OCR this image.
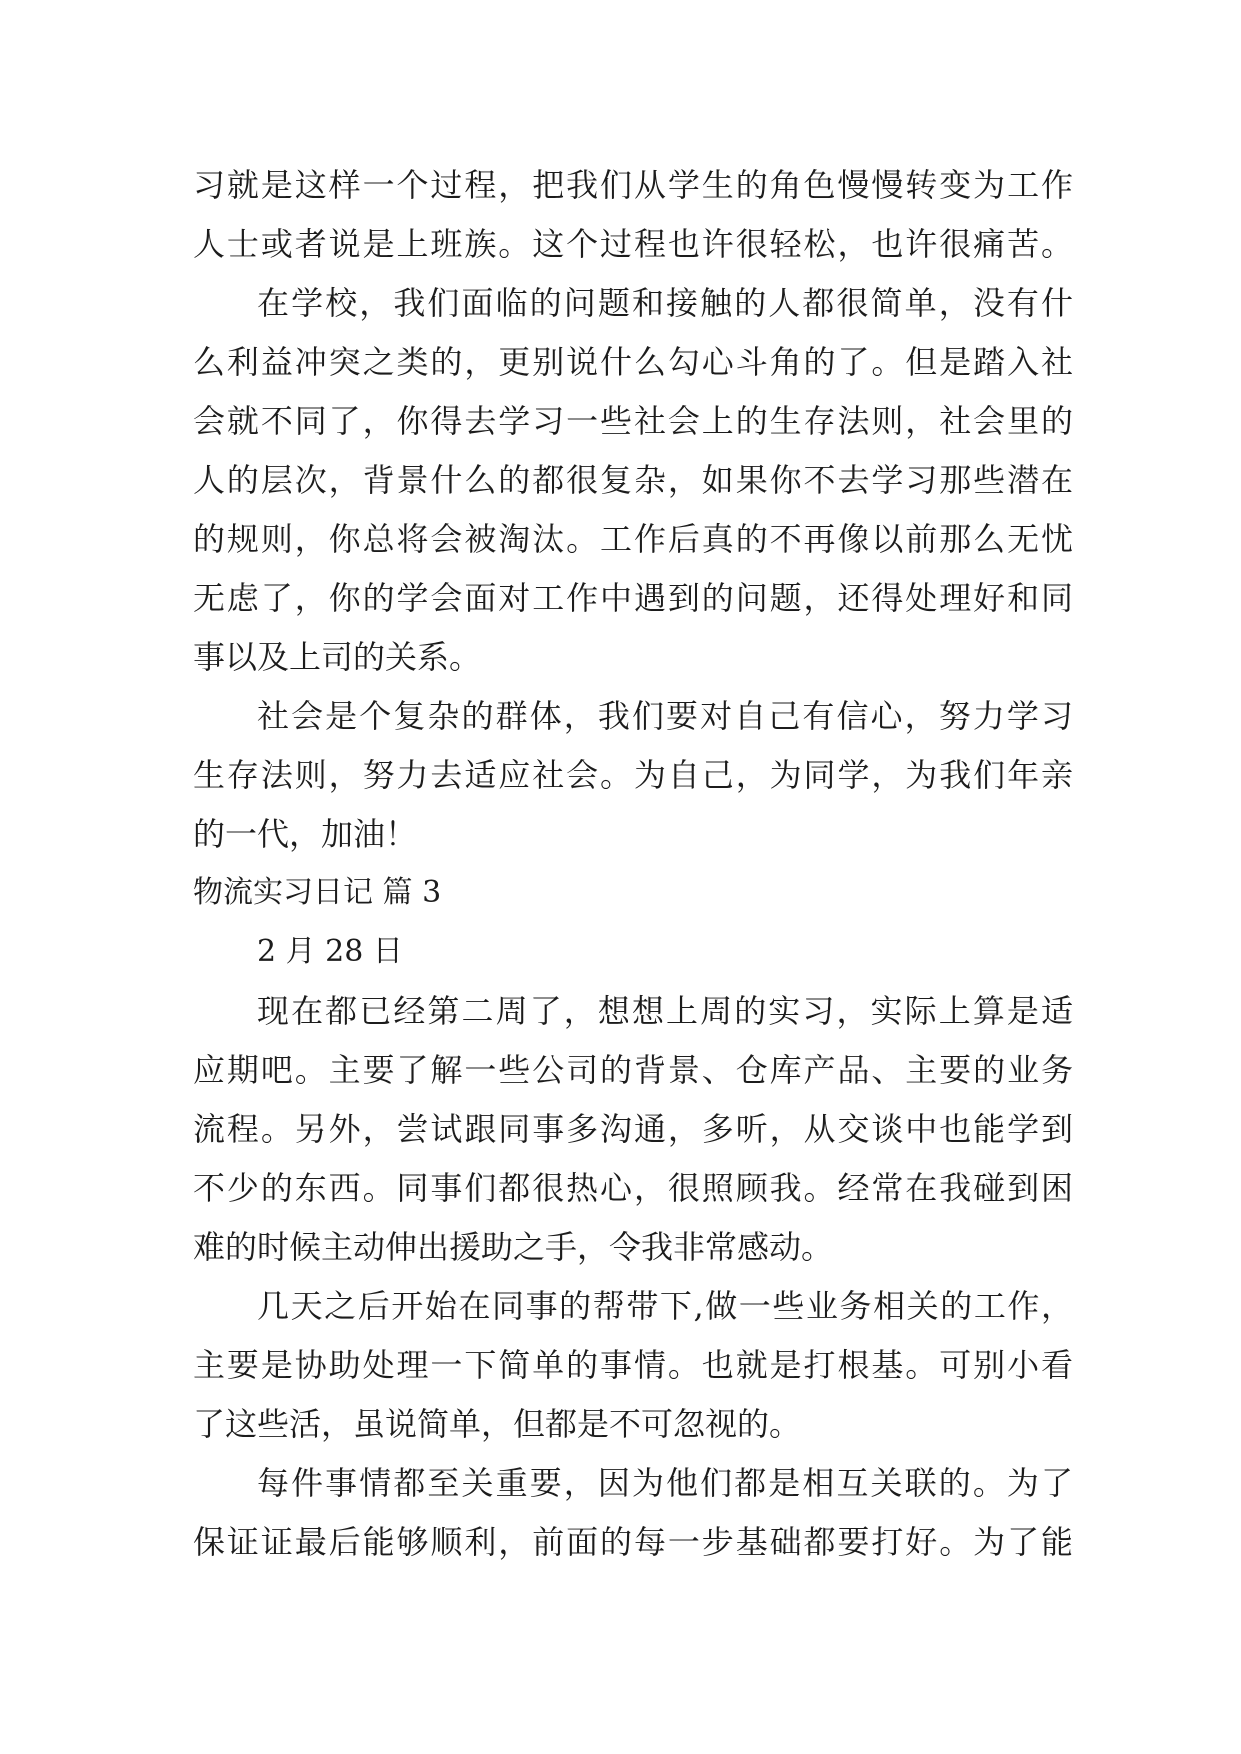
习就是这样一个过程，把我们从学生的角色慢慢转变为工作
人士或者说是上班族。这个过程也许很轻松，也许很痛苦。
在学校，我们面临的问题和接触的人都很简单，没有什
么利益冲突之类的，更别说什么勾心斗角的了。但是踏入社
会就不同了，你得去学习一些社会上的生存法则，社会里的
人的层次，背景什么的都很复杂，如果你不去学习那些潜在
的规则，你总将会被淘汰。工作后真的不再像以前那么无忧
无虑了，你的学会面对工作中遇到的问题，还得处理好和同
事以及上司的关系。
社会是个复杂的群体，我们要对自己有信心，努力学习
生存法则，努力去适应社会。为自己，为同学，为我们年亲
的一代，加油！
物流实习日记 篇 3
2 月 28 日
现在都已经第二周了，想想上周的实习，实际上算是适
应期吧。主要了解一些公司的背景、仓库产品、主要的业务
流程。另外，尝试跟同事多沟通，多听，从交谈中也能学到
不少的东西。同事们都很热心，很照顾我。经常在我碰到困
难的时候主动伸出援助之手，令我非常感动。
几天之后开始在同事的帮带下,做一些业务相关的工作，
主要是协助处理一下简单的事情。也就是打根基。可别小看
了这些活，虽说简单，但都是不可忽视的。
每件事情都至关重要，因为他们都是相互关联的。为了
保证证最后能够顺利，前面的每一步基础都要打好。为了能
